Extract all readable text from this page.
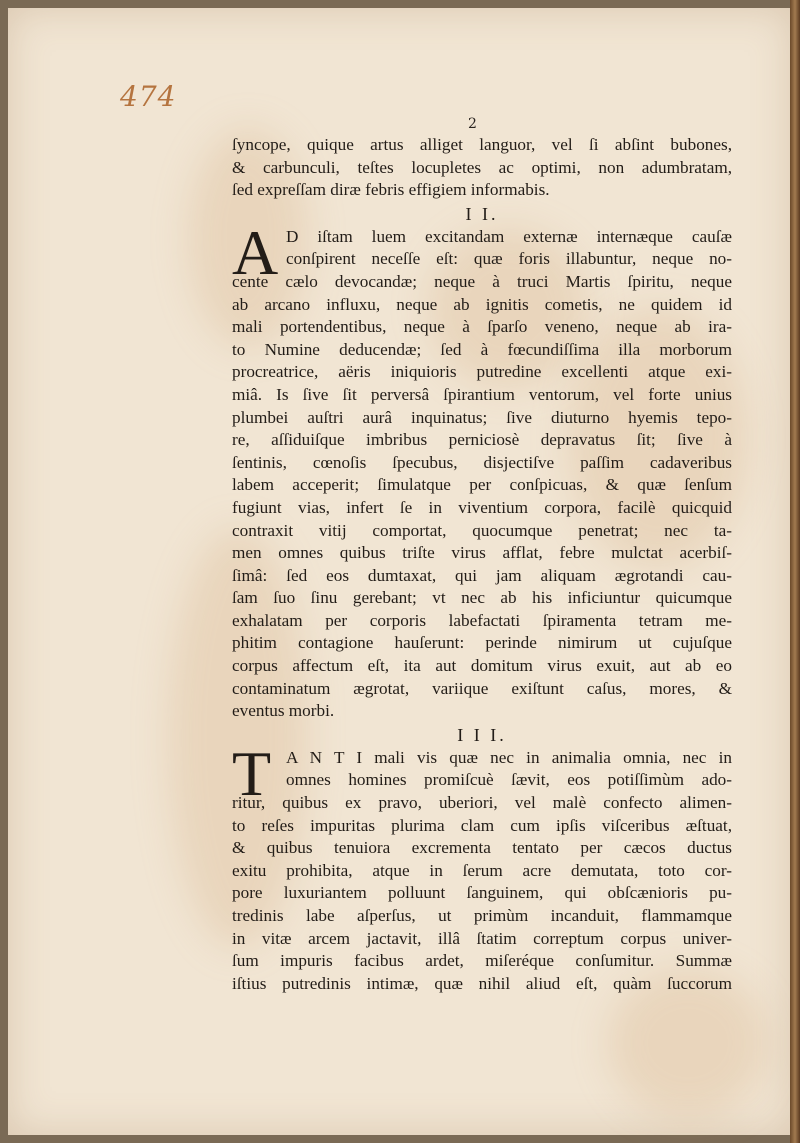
474
2
ſyncope, quique artus alliget languor, vel ſi abſint bubones,
& carbunculi, teſtes locupletes ac optimi, non adumbratam,
ſed expreſſam diræ febris effigiem informabis.
I I.
A D iſtam luem excitandam externæ internæque cauſæ
conſpirent neceſſe eſt: quæ foris illabuntur, neque no-
cente cælo devocandæ; neque à truci Martis ſpiritu, neque
ab arcano influxu, neque ab ignitis cometis, ne quidem id
mali portendentibus, neque à ſparſo veneno, neque ab ira-
to Numine deducendæ; ſed à fœcundiſſima illa morborum
procreatrice, aëris iniquioris putredine excellenti atque exi-
miâ. Is ſive ſit perversâ ſpirantium ventorum, vel forte unius
plumbei auſtri aurâ inquinatus; ſive diuturno hyemis tepo-
re, aſſiduiſque imbribus perniciosè depravatus ſit; ſive à
ſentinis, cœnoſis ſpecubus, disjectiſve paſſim cadaveribus
labem acceperit; ſimulatque per conſpicuas, & quæ ſenſum
fugiunt vias, infert ſe in viventium corpora, facilè quicquid
contraxit vitij comportat, quocumque penetrat; nec ta-
men omnes quibus triſte virus afflat, febre mulctat acerbiſ-
ſimâ: ſed eos dumtaxat, qui jam aliquam ægrotandi cau-
ſam ſuo ſinu gerebant; vt nec ab his inficiuntur quicumque
exhalatam per corporis labefactati ſpiramenta tetram me-
phitim contagione hauſerunt: perinde nimirum ut cujuſque
corpus affectum eſt, ita aut domitum virus exuit, aut ab eo
contaminatum ægrotat, variique exiſtunt caſus, mores, &
eventus morbi.
I I I.
T A N T I mali vis quæ nec in animalia omnia, nec in
omnes homines promiſcuè ſævit, eos potiſſimùm ado-
ritur, quibus ex pravo, uberiori, vel malè confecto alimen-
to reſes impuritas plurima clam cum ipſis viſceribus æſtuat,
& quibus tenuiora excrementa tentato per cæcos ductus
exitu prohibita, atque in ſerum acre demutata, toto cor-
pore luxuriantem polluunt ſanguinem, qui obſcænioris pu-
tredinis labe aſperſus, ut primùm incanduit, flammamque
in vitæ arcem jactavit, illâ ſtatim correptum corpus univer-
ſum impuris facibus ardet, miſeréque conſumitur. Summæ
iſtius putredinis intimæ, quæ nihil aliud eſt, quàm ſuccorum
